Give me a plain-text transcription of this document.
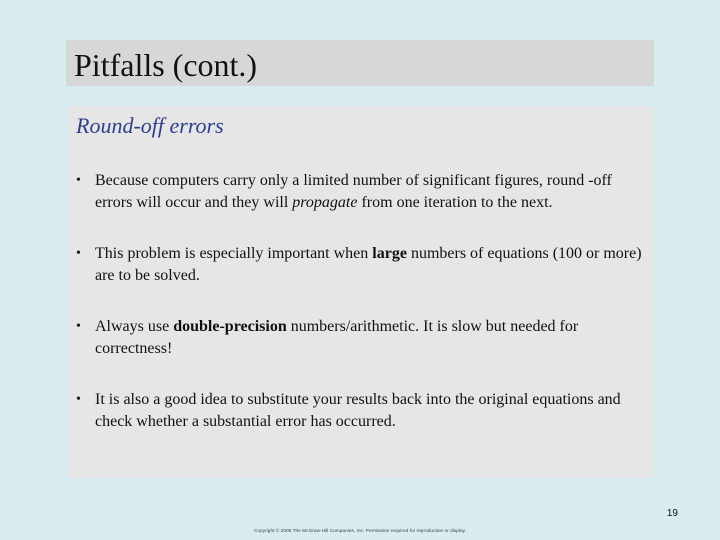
Pitfalls (cont.)
Round-off errors
• Because computers carry only a limited number of significant figures, round -off errors will occur and they will propagate from one iteration to the next.
• This problem is especially important when large numbers of equations (100 or more) are to be solved.
• Always use double-precision numbers/arithmetic. It is slow but needed for correctness!
• It is also a good idea to substitute your results back into the original equations and check whether a substantial error has occurred.
19
Copyright © 2006 The McGraw-Hill Companies, Inc. Permission required for reproduction or display.
